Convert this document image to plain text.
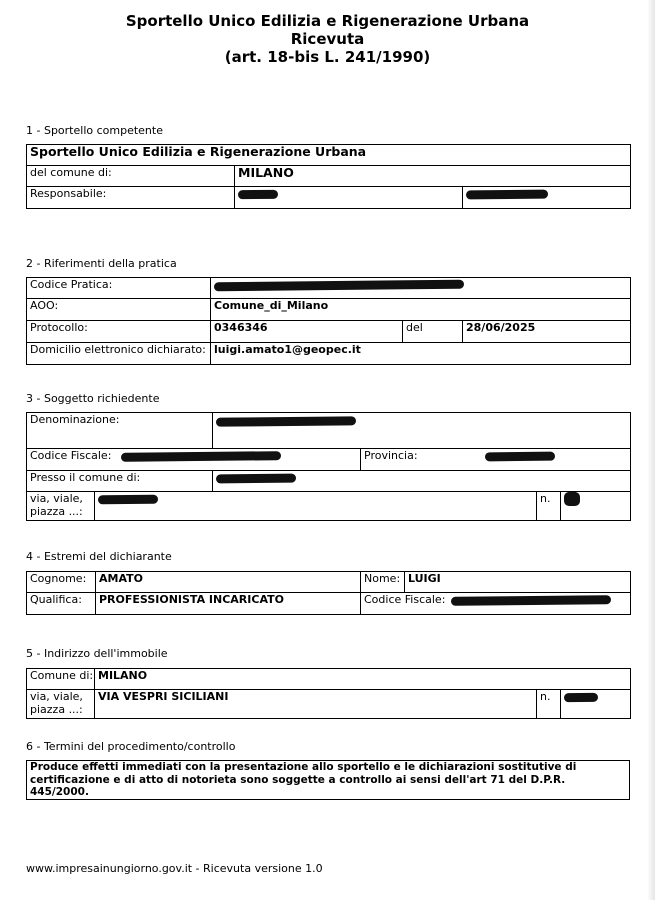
Sportello Unico Edilizia e Rigenerazione Urbana
Ricevuta
(art. 18-bis L. 241/1990)
1 - Sportello competente
Sportello Unico Edilizia e Rigenerazione Urbana		
del comune di:	MILANO	
Responsabile:		
2 - Riferimenti della pratica
Codice Pratica:			
AOO:	Comune_di_Milano		
Protocollo:	0346346	del	28/06/2025
Domicilio elettronico dichiarato:	luigi.amato1@geopec.it		
3 - Soggetto richiedente
Denominazione:					
Codice Fiscale:			Provincia:		
Presso il comune di:					

via, viale,
piazza ...:				n.	
4 - Estremi del dichiarante
Cognome:	AMATO	Nome:	LUIGI
Qualifica:	PROFESSIONISTA INCARICATO	Codice Fiscale:	
5 - Indirizzo dell'immobile
Comune di:	MILANO		

via, viale,
piazza ...:	VIA VESPRI SICILIANI	n.	
6 - Termini del procedimento/controllo
Produce effetti immediati con la presentazione allo sportello e le dichiarazioni sostitutive di certificazione e di atto di notorieta sono soggette a controllo ai sensi dell'art 71 del D.P.R. 445/2000.
www.impresainungiorno.gov.it - Ricevuta versione 1.0
